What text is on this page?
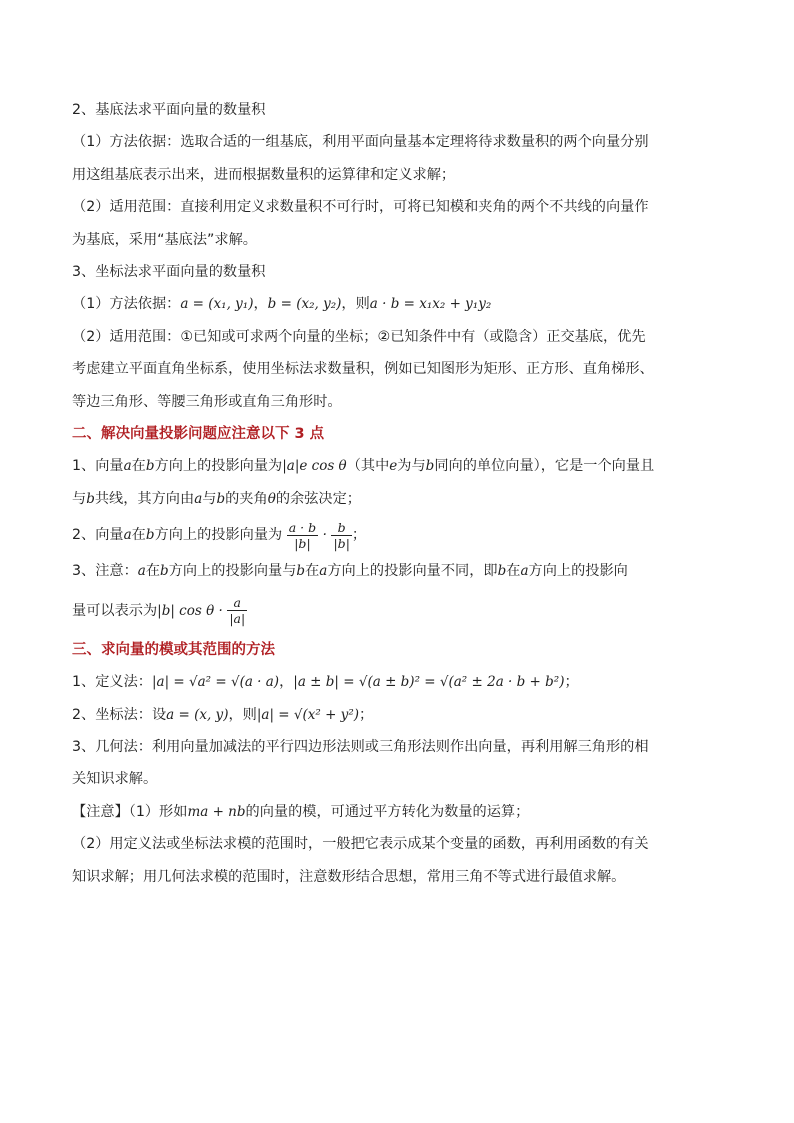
2、基底法求平面向量的数量积
（1）方法依据：选取合适的一组基底，利用平面向量基本定理将待求数量积的两个向量分别
用这组基底表示出来，进而根据数量积的运算律和定义求解；
（2）适用范围：直接利用定义求数量积不可行时，可将已知模和夹角的两个不共线的向量作
为基底，采用“基底法”求解。
3、坐标法求平面向量的数量积
（1）方法依据：a = (x₁, y₁)，b = (x₂, y₂)，则a · b = x₁x₂ + y₁y₂
（2）适用范围：①已知或可求两个向量的坐标；②已知条件中有（或隐含）正交基底，优先
考虑建立平面直角坐标系，使用坐标法求数量积，例如已知图形为矩形、正方形、直角梯形、
等边三角形、等腰三角形或直角三角形时。
二、解决向量投影问题应注意以下 3 点
1、向量a在b方向上的投影向量为|a|e cos θ（其中e为与b同向的单位向量），它是一个向量且
与b共线，其方向由a与b的夹角θ的余弦决定；
2、向量a在b方向上的投影向量为 $\frac{a \cdot b}{|b|} \cdot \frac{b}{|b|}$ ；
3、注意：a在b方向上的投影向量与b在a方向上的投影向量不同，即b在a方向上的投影向
量可以表示为|b| $\cos \theta \cdot \frac{a}{|a|}$
三、求向量的模或其范围的方法
1、定义法：|a| = √a² = √(a · a)，|a ± b| = √(a ± b)² = √(a² ± 2a · b + b²)；
2、坐标法：设a = (x, y)，则|a| = √(x² + y²)；
3、几何法：利用向量加减法的平行四边形法则或三角形法则作出向量，再利用解三角形的相
关知识求解。
【注意】（1）形如ma + nb的向量的模，可通过平方转化为数量的运算；
（2）用定义法或坐标法求模的范围时，一般把它表示成某个变量的函数，再利用函数的有关
知识求解；用几何法求模的范围时，注意数形结合思想，常用三角不等式进行最值求解。
